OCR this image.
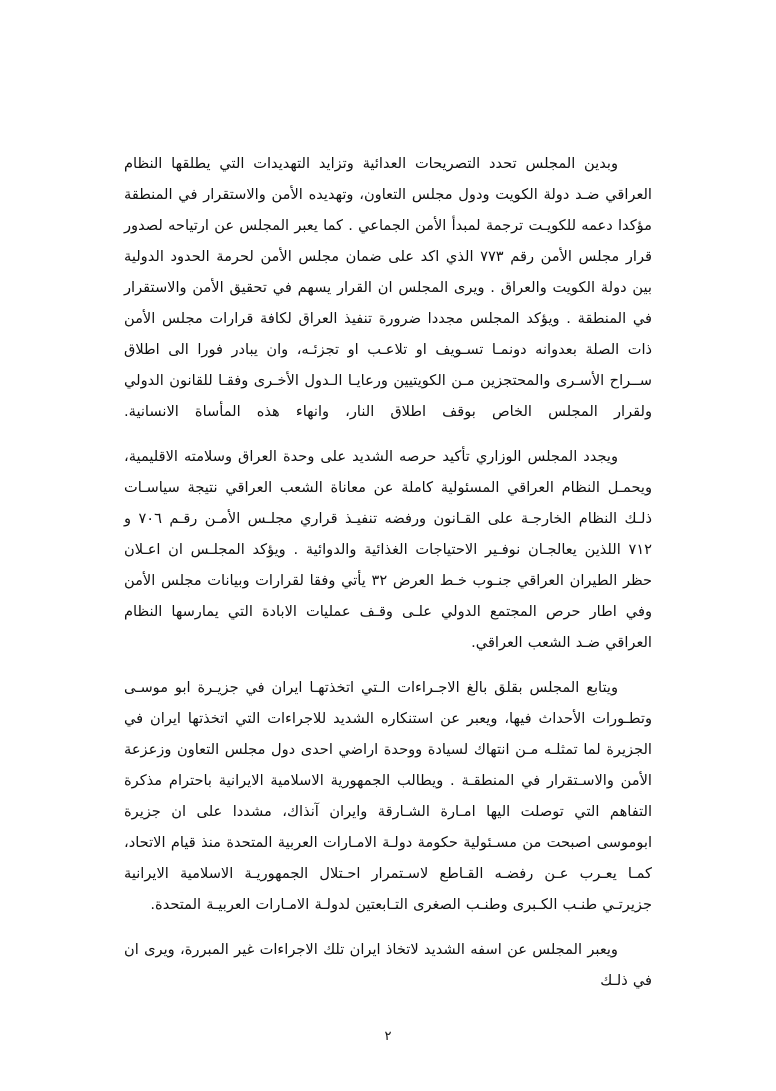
وبدين المجلس تحدد التصريحات العدائية وتزايد التهديدات التي يطلقها النظام العراقي ضـد دولة الكويت ودول مجلس التعاون، وتهديده الأمن والاستقرار في المنطقة مؤكدا دعمه للكويـت ترجمة لمبدأ الأمن الجماعي . كما يعبر المجلس عن ارتياحه لصدور قرار مجلس الأمن رقم ٧٧٣ الذي اكد على ضمان مجلس الأمن لحرمة الحدود الدولية بين دولة الكويت والعراق . ويرى المجلس ان القرار يسهم في تحقيق الأمن والاستقرار في المنطقة . ويؤكد المجلس مجددا ضرورة تنفيذ العراق لكافة قرارات مجلس الأمن ذات الصلة بعدوانه دونمـا تسـويف او تلاعـب او تجزئـه، وان يبادر فورا الى اطلاق ســراح الأسـرى والمحتجزين مـن الكويتيين ورعايـا الـدول الأخـرى وفقـا للقانون الدولي ولقرار المجلس الخاص بوقف اطلاق النار، وانهاء هذه المأساة الانسانية.

ويجدد المجلس الوزاري تأكيد حرصه الشديد على وحدة العراق وسلامته الاقليمية، ويحمـل النظام العراقي المسئولية كاملة عن معاناة الشعب العراقي نتيجة سياسـات ذلـك النظام الخارجـة على القـانون ورفضه تنفيـذ قراري مجلـس الأمـن رقـم ٧٠٦ و ٧١٢ اللذين يعالجـان نوفـير الاحتياجات الغذائية والدوائية . ويؤكد المجلـس ان اعـلان حظر الطيران العراقي جنـوب خـط العرض ٣٢ يأتي وفقا لقرارات وبيانات مجلس الأمن وفي اطار حرص المجتمع الدولي علـى وقـف عمليات الابادة التي يمارسها النظام العراقي ضـد الشعب العراقي.

ويتابع المجلس بقلق بالغ الاجـراءات الـتي اتخذتهـا ايران في جزيـرة ابو موسـى وتطـورات الأحداث فيها، ويعبر عن استنكاره الشديد للاجراءات التي اتخذتها ايران في الجزيرة لما تمثلـه مـن انتهاك لسيادة ووحدة اراضي احدى دول مجلس التعاون وزعزعة الأمن والاسـتقرار في المنطقـة . ويطالب الجمهورية الاسلامية الايرانية باحترام مذكرة التفاهم التي توصلت اليها امـارة الشـارقة وايران آنذاك، مشددا على ان جزيرة ابوموسى اصبحت من مسـئولية حكومة دولـة الامـارات العربية المتحدة منذ قيام الاتحاد، كمـا يعـرب عـن رفضـه القـاطع لاسـتمرار احـتلال الجمهوريـة الاسلامية الايرانية جزيرتـي طنـب الكـبرى وطنـب الصغرى التـابعتين لدولـة الامـارات العربيـة المتحدة.

ويعبر المجلس عن اسفه الشديد لاتخاذ ايران تلك الاجراءات غير المبررة، ويرى ان في ذلـك

٢
